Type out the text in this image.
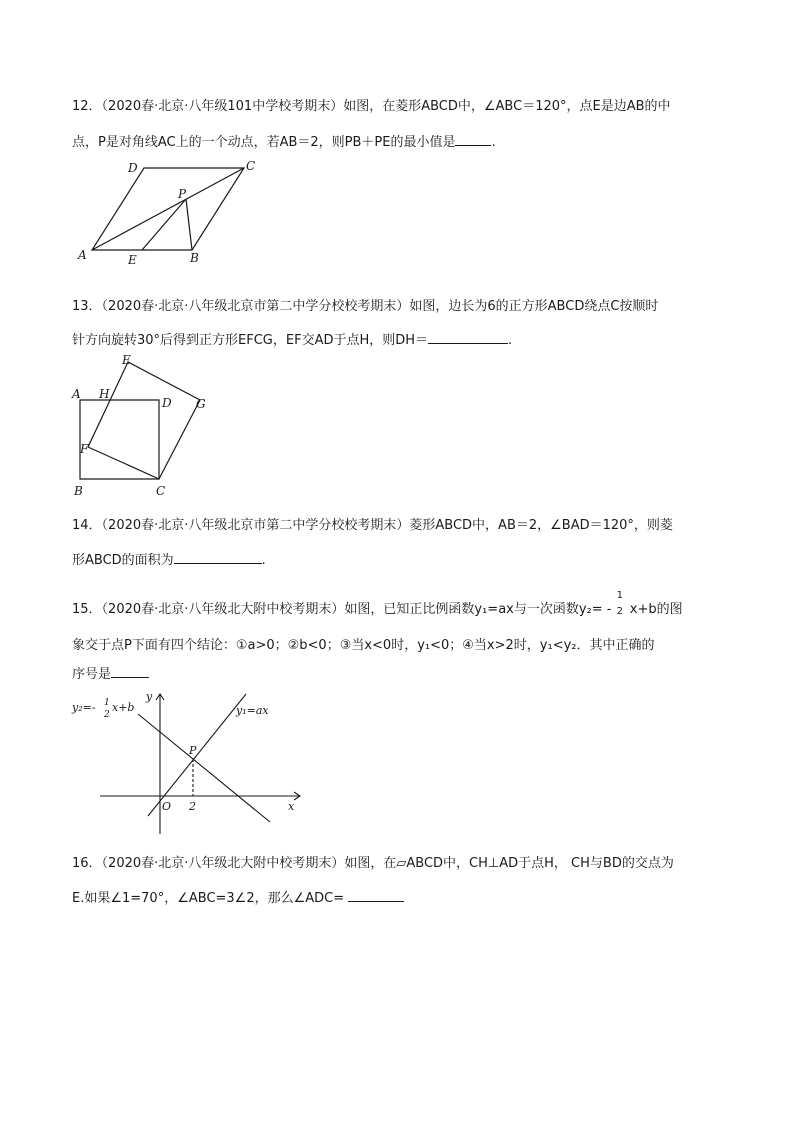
12．（2020春·北京·八年级101中学校考期末）如图，在菱形ABCD中，∠ABC＝120°，点E是边AB的中
点，P是对角线AC上的一个动点，若AB＝2，则PB＋PE的最小值是	.
A	B
C
D
E
P
13．（2020春·北京·八年级北京市第二中学分校校考期末）如图，边长为6的正方形ABCD绕点C按顺时
针方向旋转30°后得到正方形EFCG，EF交AD于点H，则DH＝	.
A
B	C
D
E
F
G
H
14．（2020春·北京·八年级北京市第二中学分校校考期末）菱形ABCD中，AB＝2，∠BAD＝120°，则菱
形ABCD的面积为	.
15．（2020春·北京·八年级北大附中校考期末）如图，已知正比例函数y₁=ax与一次函数y₂= -
1
2 x+b的图
象交于点P下面有四个结论：①a>0；②b<0；③当x<0时，y₁<0；④当x>2时，y₁<y₂．其中正确的
序号是
y₂=- 1
2
x+b	y₁=ax
y
x
O 2
P
16．（2020春·北京·八年级北大附中校考期末）如图，在▱ABCD中，CH⊥AD于点H， CH与BD的交点为
E.如果∠1=70°，∠ABC=3∠2，那么∠ADC=
